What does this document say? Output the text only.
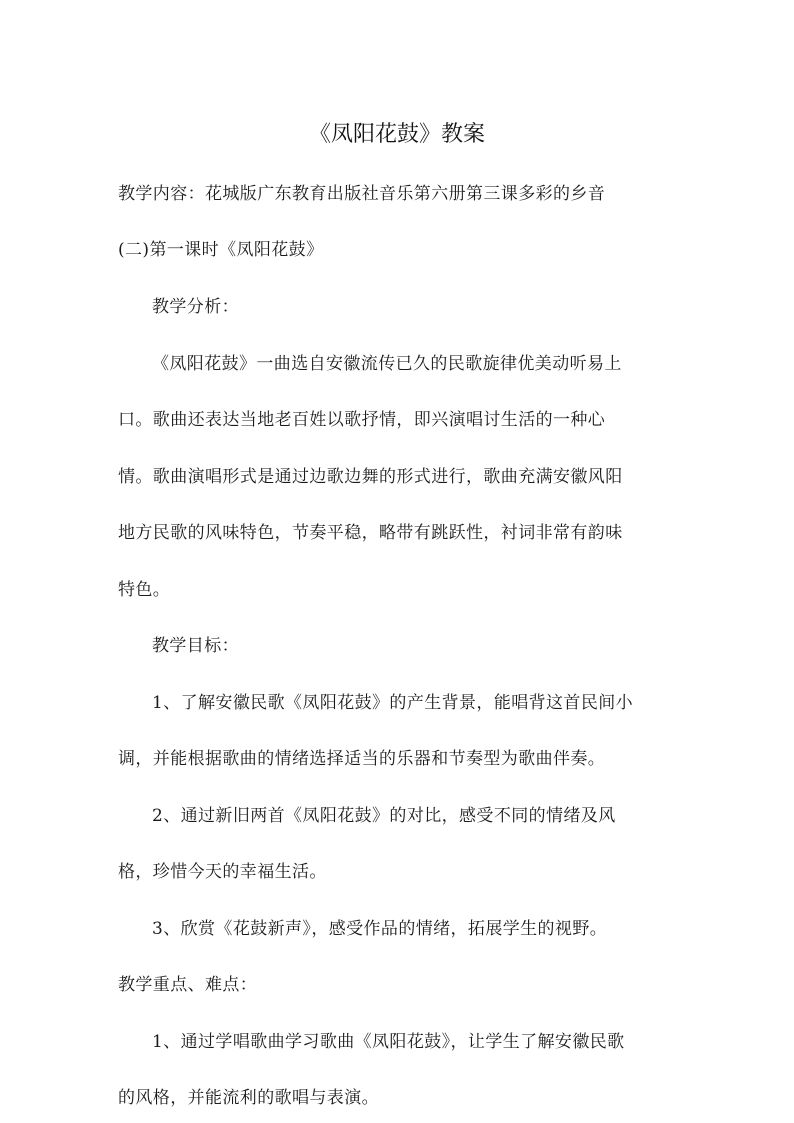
《凤阳花鼓》教案
教学内容：花城版广东教育出版社音乐第六册第三课多彩的乡音
(二)第一课时《凤阳花鼓》
教学分析：
《凤阳花鼓》一曲选自安徽流传已久的民歌旋律优美动听易上
口。歌曲还表达当地老百姓以歌抒情，即兴演唱讨生活的一种心
情。歌曲演唱形式是通过边歌边舞的形式进行，歌曲充满安徽风阳
地方民歌的风味特色，节奏平稳，略带有跳跃性，衬词非常有韵味
特色。
教学目标：
1、了解安徽民歌《凤阳花鼓》的产生背景，能唱背这首民间小
调，并能根据歌曲的情绪选择适当的乐器和节奏型为歌曲伴奏。
2、通过新旧两首《凤阳花鼓》的对比，感受不同的情绪及风
格，珍惜今天的幸福生活。
3、欣赏《花鼓新声》，感受作品的情绪，拓展学生的视野。
教学重点、难点：
1、通过学唱歌曲学习歌曲《凤阳花鼓》，让学生了解安徽民歌
的风格，并能流利的歌唱与表演。
